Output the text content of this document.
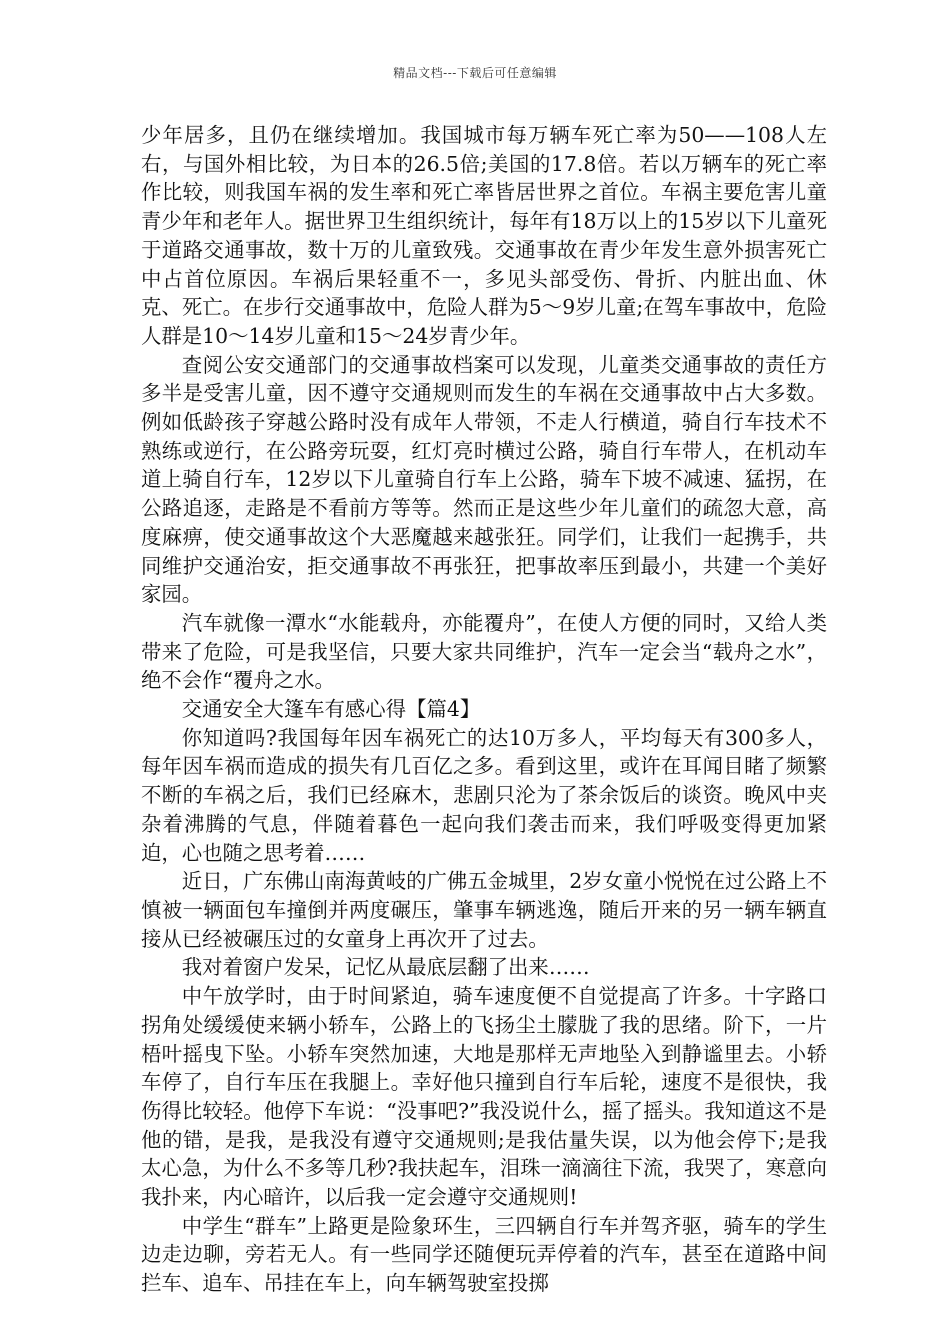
精品文档---下载后可任意编辑

少年居多，且仍在继续增加。我国城市每万辆车死亡率为50——108人左右，与国外相比较，为日本的26.5倍;美国的17.8倍。若以万辆车的死亡率作比较，则我国车祸的发生率和死亡率皆居世界之首位。车祸主要危害儿童青少年和老年人。据世界卫生组织统计，每年有18万以上的15岁以下儿童死于道路交通事故，数十万的儿童致残。交通事故在青少年发生意外损害死亡中占首位原因。车祸后果轻重不一，多见头部受伤、骨折、内脏出血、休克、死亡。在步行交通事故中，危险人群为5～9岁儿童;在驾车事故中，危险人群是10～14岁儿童和15～24岁青少年。

查阅公安交通部门的交通事故档案可以发现，儿童类交通事故的责任方多半是受害儿童，因不遵守交通规则而发生的车祸在交通事故中占大多数。例如低龄孩子穿越公路时没有成年人带领，不走人行横道，骑自行车技术不熟练或逆行，在公路旁玩耍，红灯亮时横过公路，骑自行车带人，在机动车道上骑自行车，12岁以下儿童骑自行车上公路，骑车下坡不减速、猛拐，在公路追逐，走路是不看前方等等。然而正是这些少年儿童们的疏忽大意，高度麻痹，使交通事故这个大恶魔越来越张狂。同学们，让我们一起携手，共同维护交通治安，拒交通事故不再张狂，把事故率压到最小，共建一个美好家园。

汽车就像一潭水“水能载舟，亦能覆舟”，在使人方便的同时，又给人类带来了危险，可是我坚信，只要大家共同维护，汽车一定会当“载舟之水”，绝不会作“覆舟之水。

交通安全大篷车有感心得【篇4】

你知道吗?我国每年因车祸死亡的达10万多人，平均每天有300多人，每年因车祸而造成的损失有几百亿之多。看到这里，或许在耳闻目睹了频繁不断的车祸之后，我们已经麻木，悲剧只沦为了茶余饭后的谈资。晚风中夹杂着沸腾的气息，伴随着暮色一起向我们袭击而来，我们呼吸变得更加紧迫，心也随之思考着……

近日，广东佛山南海黄岐的广佛五金城里，2岁女童小悦悦在过公路上不慎被一辆面包车撞倒并两度碾压，肇事车辆逃逸，随后开来的另一辆车辆直接从已经被碾压过的女童身上再次开了过去。

我对着窗户发呆，记忆从最底层翻了出来……

中午放学时，由于时间紧迫，骑车速度便不自觉提高了许多。十字路口拐角处缓缓使来辆小轿车，公路上的飞扬尘土朦胧了我的思绪。阶下，一片梧叶摇曳下坠。小轿车突然加速，大地是那样无声地坠入到静谧里去。小轿车停了，自行车压在我腿上。幸好他只撞到自行车后轮，速度不是很快，我伤得比较轻。他停下车说：“没事吧?”我没说什么，摇了摇头。我知道这不是他的错，是我，是我没有遵守交通规则;是我估量失误，以为他会停下;是我太心急，为什么不多等几秒?我扶起车，泪珠一滴滴往下流，我哭了，寒意向我扑来，内心暗许，以后我一定会遵守交通规则!

中学生“群车”上路更是险象环生，三四辆自行车并驾齐驱，骑车的学生边走边聊，旁若无人。有一些同学还随便玩弄停着的汽车，甚至在道路中间拦车、追车、吊挂在车上，向车辆驾驶室投掷
